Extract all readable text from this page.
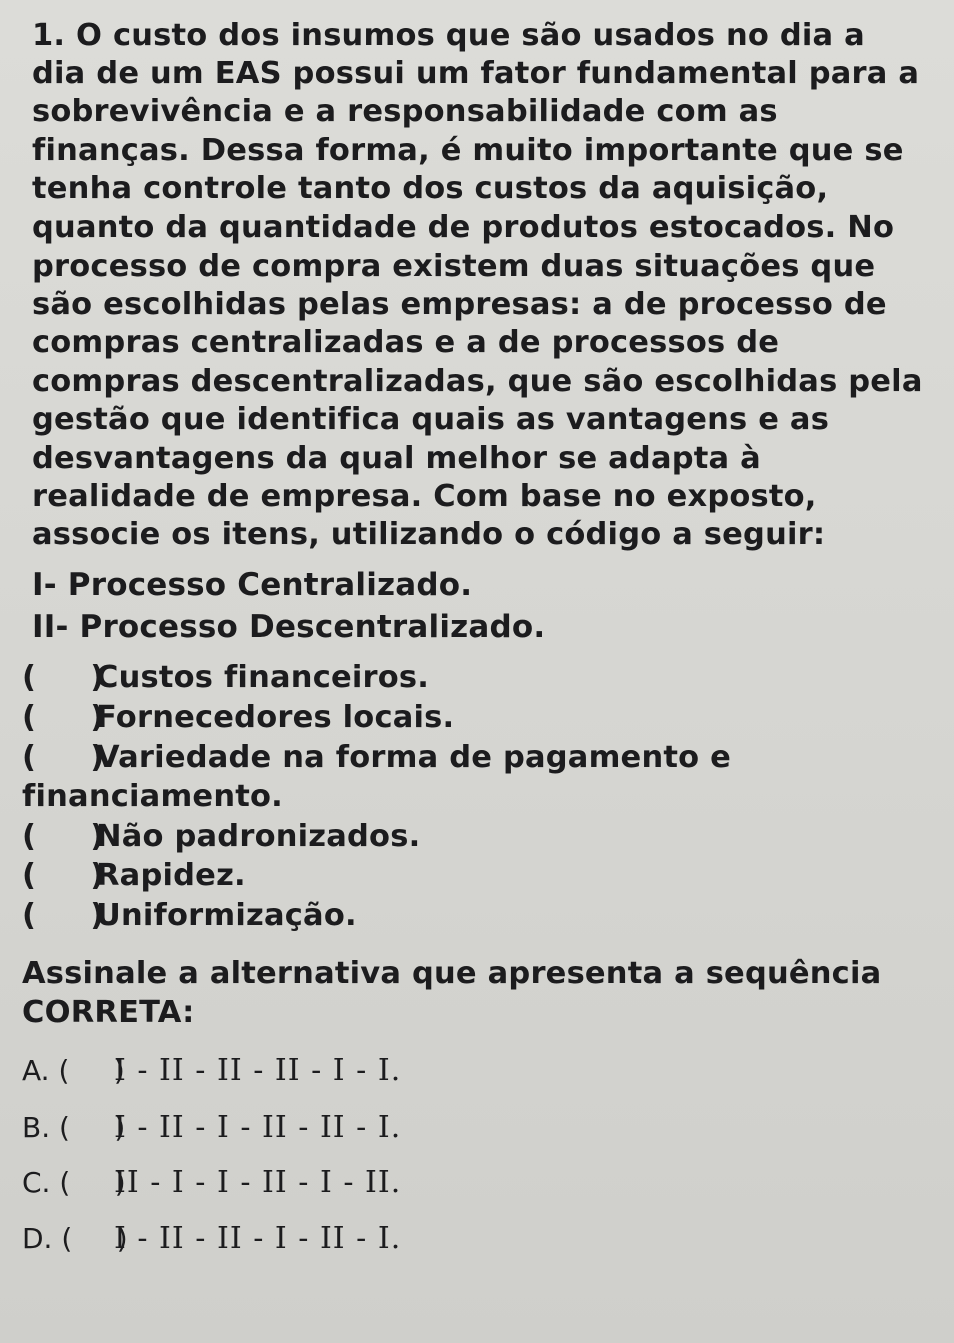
1. O custo dos insumos que são usados no dia a
dia de um EAS possui um fator fundamental para a
sobrevivência e a responsabilidade com as
finanças. Dessa forma, é muito importante que se
tenha controle tanto dos custos da aquisição,
quanto da quantidade de produtos estocados. No
processo de compra existem duas situações que
são escolhidas pelas empresas: a de processo de
compras centralizadas e a de processos de
compras descentralizadas, que são escolhidas pela
gestão que identifica quais as vantagens e as
desvantagens da qual melhor se adapta à
realidade de empresa. Com base no exposto,
associe os itens, utilizando o código a seguir:
I- Processo Centralizado.
II- Processo Descentralizado.
(     )Custos financeiros.
(     )Fornecedores locais.
(     )Variedade na forma de pagamento e
financiamento.
(     )Não padronizados.
(     )Rapidez.
(     )Uniformização.
Assinale a alternativa que apresenta a sequência
CORRETA:
A. (     )I - II - II - II - I - I.
B. (     )I - II - I - II - II - I.
C. (     )II - I - I - II - I - II.
D. (     )I - II - II - I - II - I.
